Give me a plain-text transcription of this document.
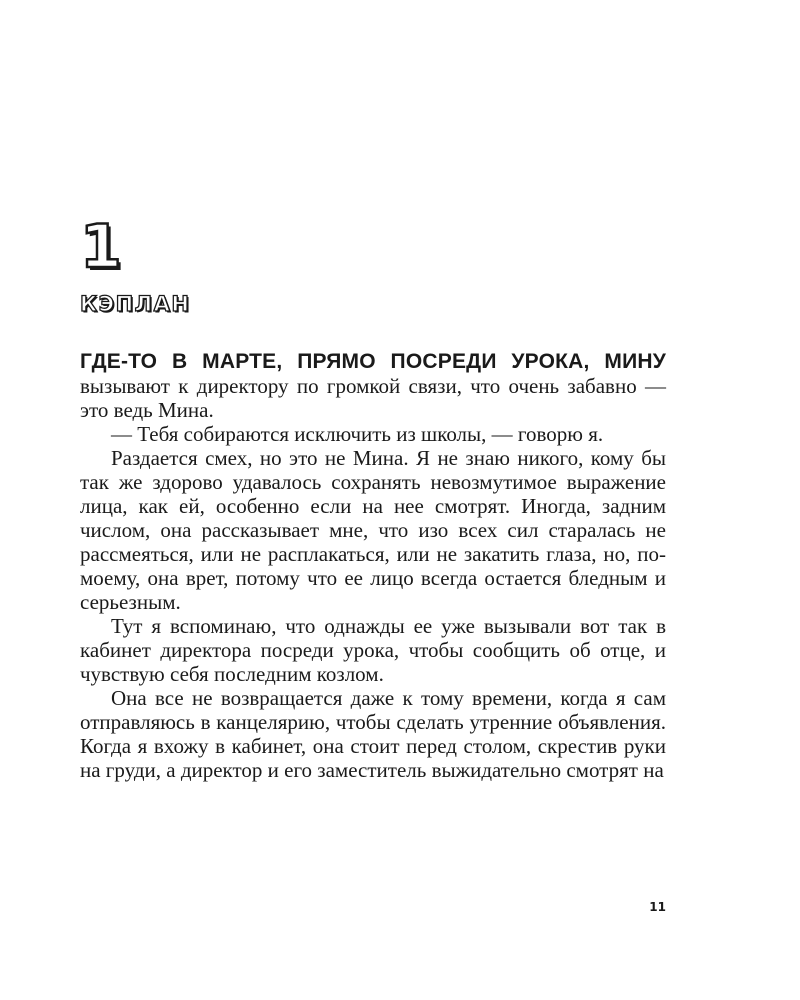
1
КЭПЛАН

ГДЕ-ТО В МАРТЕ, ПРЯМО ПОСРЕДИ УРОКА, МИНУ вызывают к директору по громкой связи, что очень забавно — это ведь Мина.

— Тебя собираются исключить из школы, — говорю я.

Раздается смех, но это не Мина. Я не знаю никого, кому бы так же здорово удавалось сохранять невозмутимое выражение лица, как ей, особенно если на нее смотрят. Иногда, задним числом, она рассказывает мне, что изо всех сил старалась не рассмеяться, или не расплакаться, или не закатить глаза, но, по-моему, она врет, потому что ее лицо всегда остается бледным и серьезным.

Тут я вспоминаю, что однажды ее уже вызывали вот так в кабинет директора посреди урока, чтобы сообщить об отце, и чувствую себя последним козлом.

Она все не возвращается даже к тому времени, когда я сам отправляюсь в канцелярию, чтобы сделать утренние объявления. Когда я вхожу в кабинет, она стоит перед столом, скрестив руки на груди, а директор и его заместитель выжидательно смотрят на

11
